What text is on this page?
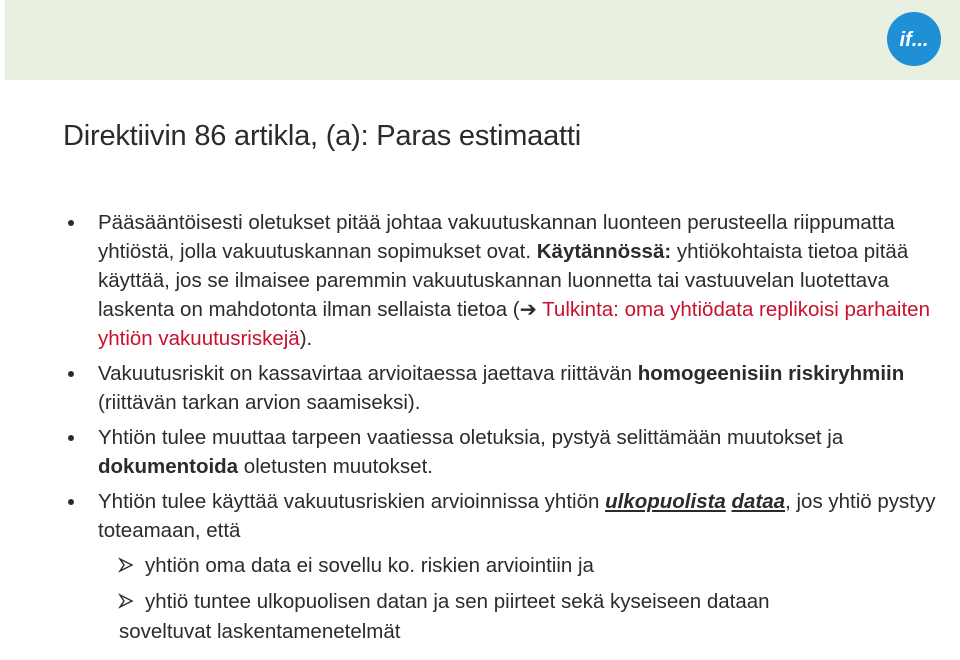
if...
Direktiivin 86 artikla, (a): Paras estimaatti
Pääsääntöisesti oletukset pitää johtaa vakuutuskannan luonteen perusteella riippumatta yhtiöstä, jolla vakuutuskannan sopimukset ovat. Käytännössä: yhtiökohtaista tietoa pitää käyttää, jos se ilmaisee paremmin vakuutuskannan luonnetta tai vastuuvelan luotettava laskenta on mahdotonta ilman sellaista tietoa (➔ Tulkinta: oma yhtiödata replikoisi parhaiten yhtiön vakuutusriskejä).
Vakuutusriskit on kassavirtaa arvioitaessa jaettava riittävän homogeenisiin riskiryhmiin (riittävän tarkan arvion saamiseksi).
Yhtiön tulee muuttaa tarpeen vaatiessa oletuksia, pystyä selittämään muutokset ja dokumentoida oletusten muutokset.
Yhtiön tulee käyttää vakuutusriskien arvioinnissa yhtiön ulkopuolista dataa, jos yhtiö pystyy toteamaan, että
yhtiön oma data ei sovellu ko. riskien arviointiin ja
yhtiö tuntee ulkopuolisen datan ja sen piirteet sekä kyseiseen dataan
soveltuvat laskentamenetelmät
